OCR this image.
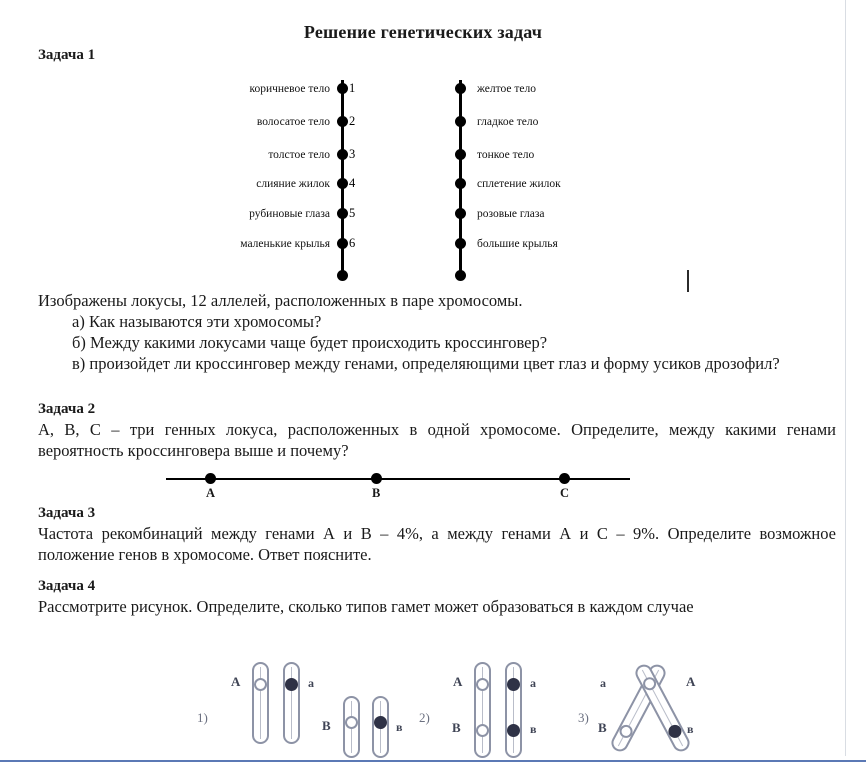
Решение генетических задач
Задача 1
1
2
3
4
5
6
коричневое тело
волосатое тело
толстое тело
слияние жилок
рубиновые глаза
маленькие крылья
желтое тело
гладкое тело
тонкое тело
сплетение жилок
розовые глаза
большие крылья
Изображены локусы, 12 аллелей, расположенных в паре хромосомы.
а) Как называются эти хромосомы?
б) Между какими локусами чаще будет происходить кроссинговер?
в) произойдет ли кроссинговер между генами, определяющими цвет глаз и форму усиков дрозофил?
Задача 2
А, В, С – три генных локуса, расположенных в одной хромосоме. Определите, между какими генами вероятность кроссинговера выше и почему?
A	B	C
Задача 3
Частота рекомбинаций между генами А и В – 4%, а между генами А и С – 9%. Определите возможное положение генов в хромосоме. Ответ поясните.
Задача 4
Рассмотрите рисунок. Определите, сколько типов гамет может образоваться в каждом случае
1)
A	a
B	в
2)
A	a
B	в
3)
a
B
A
в
